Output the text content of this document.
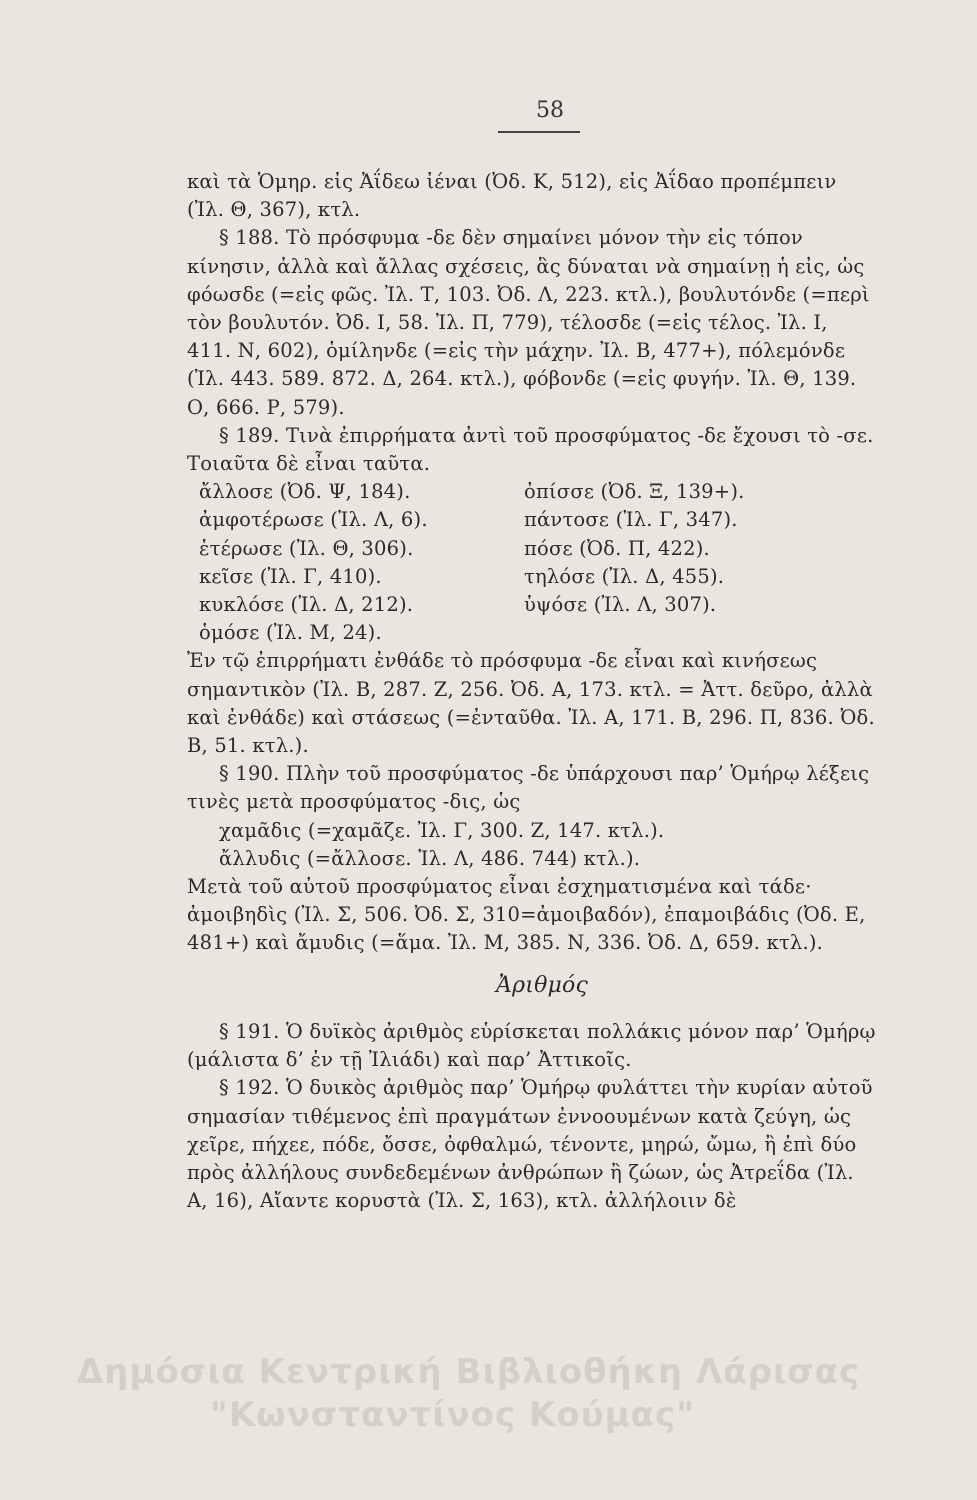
58

καὶ τὰ Ὁμηρ. εἰς Ἀΐδεω ἰέναι (Ὀδ. Κ, 512), εἰς Ἀΐδαο προπέμπειν (Ἰλ. Θ, 367), κτλ.

§ 188. Τὸ πρόσφυμα -δε δὲν σημαίνει μόνον τὴν εἰς τόπον κίνησιν, ἀλλὰ καὶ ἄλλας σχέσεις, ἃς δύναται νὰ σημαίνῃ ἡ εἰς, ὡς φόωσδε (=εἰς φῶς. Ἰλ. Τ, 103. Ὀδ. Λ, 223. κτλ.), βουλυτόνδε (=περὶ τὸν βουλυτόν. Ὀδ. Ι, 58. Ἰλ. Π, 779), τέλοσδε (=εἰς τέλος. Ἰλ. Ι, 411. Ν, 602), ὁμίληνδε (=εἰς τὴν μάχην. Ἰλ. Β, 477+), πόλεμόνδε (Ἰλ. 443. 589. 872. Δ, 264. κτλ.), φόβονδε (=εἰς φυγήν. Ἰλ. Θ, 139. Ο, 666. Ρ, 579).

§ 189. Τινὰ ἐπιρρήματα ἀντὶ τοῦ προσφύματος -δε ἔχουσι τὸ -σε. Τοιαῦτα δὲ εἶναι ταῦτα.

ἄλλοσε (Ὀδ. Ψ, 184).	ὀπίσσε (Ὀδ. Ξ, 139+).
ἀμφοτέρωσε (Ἰλ. Λ, 6).	πάντοσε (Ἰλ. Γ, 347).
ἑτέρωσε (Ἰλ. Θ, 306).	πόσε (Ὀδ. Π, 422).
κεῖσε (Ἰλ. Γ, 410).	τηλόσε (Ἰλ. Δ, 455).
κυκλόσε (Ἰλ. Δ, 212).	ὑψόσε (Ἰλ. Λ, 307).
ὁμόσε (Ἰλ. Μ, 24).

Ἐν τῷ ἐπιρρήματι ἐνθάδε τὸ πρόσφυμα -δε εἶναι καὶ κινήσεως σημαντικὸν (Ἰλ. Β, 287. Ζ, 256. Ὀδ. Α, 173. κτλ. = Ἀττ. δεῦρο, ἀλλὰ καὶ ἐνθάδε) καὶ στάσεως (=ἐνταῦθα. Ἰλ. Α, 171. Β, 296. Π, 836. Ὀδ. Β, 51. κτλ.).

§ 190. Πλὴν τοῦ προσφύματος -δε ὑπάρχουσι παρ’ Ὁμήρῳ λέξεις τινὲς μετὰ προσφύματος -δις, ὡς

χαμᾶδις (=χαμᾶζε. Ἰλ. Γ, 300. Ζ, 147. κτλ.).

ἄλλυδις (=ἄλλοσε. Ἰλ. Λ, 486. 744) κτλ.).

Μετὰ τοῦ αὐτοῦ προσφύματος εἶναι ἐσχηματισμένα καὶ τάδε· ἀμοιβηδὶς (Ἰλ. Σ, 506. Ὀδ. Σ, 310=ἀμοιβαδόν), ἐπαμοιβάδις (Ὀδ. Ε, 481+) καὶ ἄμυδις (=ἅμα. Ἰλ. Μ, 385. Ν, 336. Ὀδ. Δ, 659. κτλ.).

Ἀριθμός

§ 191. Ὁ δυϊκὸς ἀριθμὸς εὑρίσκεται πολλάκις μόνον παρ’ Ὁμήρῳ (μάλιστα δ’ ἐν τῇ Ἰλιάδι) καὶ παρ’ Ἀττικοῖς.

§ 192. Ὁ δυικὸς ἀριθμὸς παρ’ Ὁμήρῳ φυλάττει τὴν κυρίαν αὐτοῦ σημασίαν τιθέμενος ἐπὶ πραγμάτων ἐννοουμένων κατὰ ζεύγη, ὡς χεῖρε, πήχεε, πόδε, ὄσσε, ὀφθαλμώ, τένοντε, μηρώ, ὤμω, ἢ ἐπὶ δύο πρὸς ἀλλήλους συνδεδεμένων ἀνθρώπων ἢ ζώων, ὡς Ἀτρεΐδα (Ἰλ. Α, 16), Αἴαντε κορυστὰ (Ἰλ. Σ, 163), κτλ. ἀλλήλοιιν δὲ

Δημόσια Κεντρική Βιβλιοθήκη Λάρισας
"Κωνσταντίνος Κούμας"
